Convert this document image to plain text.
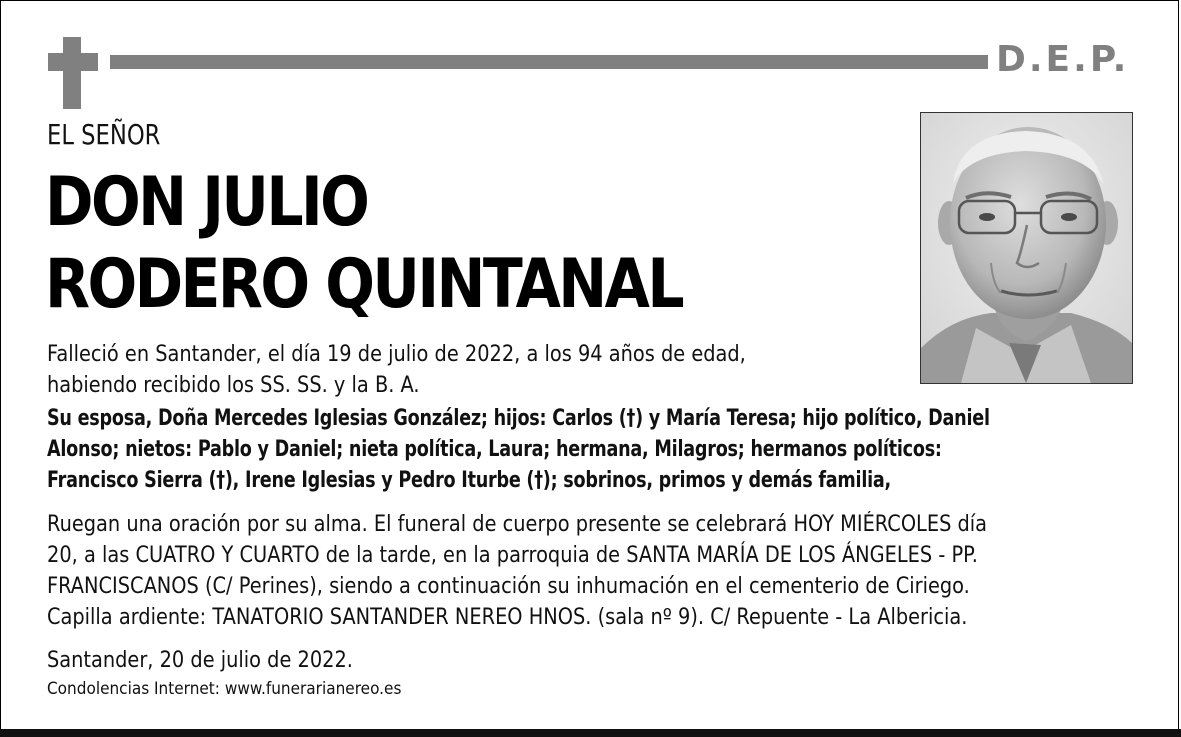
D.E.P.
EL SEÑOR
DON JULIO
RODERO QUINTANAL
Falleció en Santander, el día 19 de julio de 2022, a los 94 años de edad,
habiendo recibido los SS. SS. y la B. A.
Su esposa, Doña Mercedes Iglesias González; hijos: Carlos (†) y María Teresa; hijo político, Daniel
Alonso; nietos: Pablo y Daniel; nieta política, Laura; hermana, Milagros; hermanos políticos:
Francisco Sierra (†), Irene Iglesias y Pedro Iturbe (†); sobrinos, primos y demás familia,
Ruegan una oración por su alma. El funeral de cuerpo presente se celebrará HOY MIÉRCOLES día
20, a las CUATRO Y CUARTO de la tarde, en la parroquia de SANTA MARÍA DE LOS ÁNGELES - PP.
FRANCISCANOS (C/ Perines), siendo a continuación su inhumación en el cementerio de Ciriego.
Capilla ardiente: TANATORIO SANTANDER NEREO HNOS. (sala nº 9). C/ Repuente - La Albericia.
Santander, 20 de julio de 2022.
Condolencias Internet: www.funerarianereo.es
